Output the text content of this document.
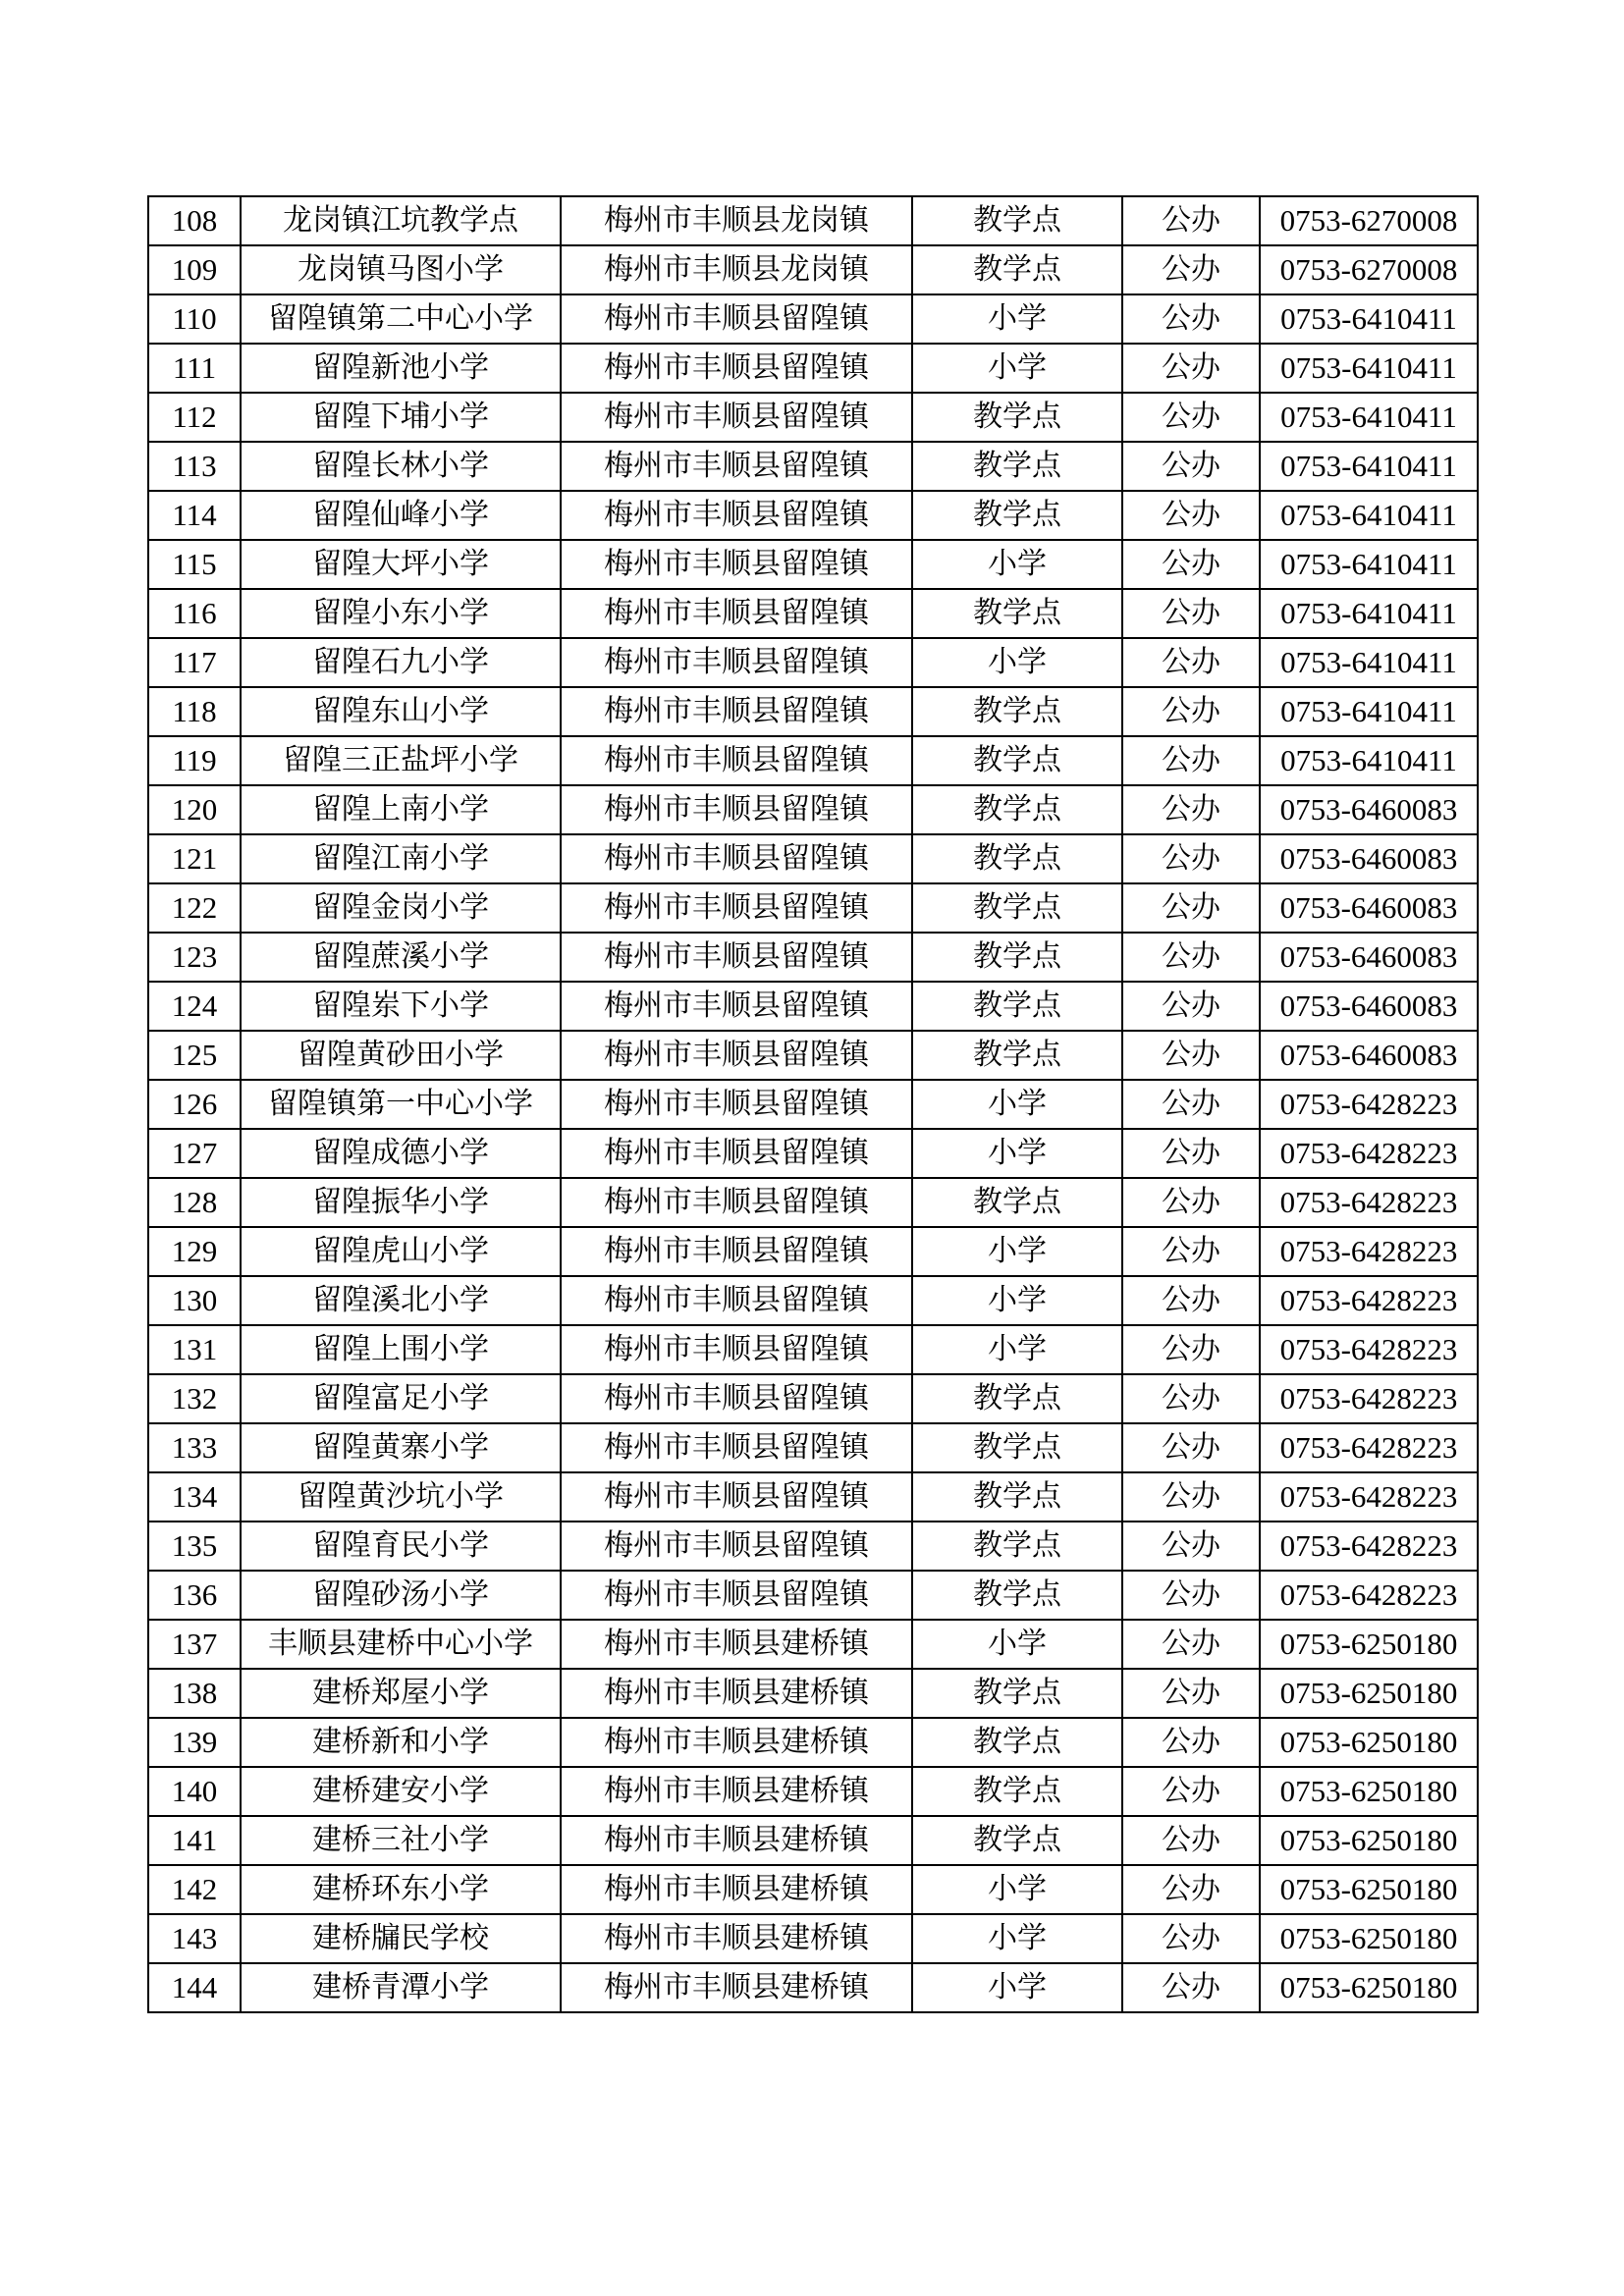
108	龙岗镇江坑教学点	梅州市丰顺县龙岗镇	教学点	公办	0753-6270008
109	龙岗镇马图小学	梅州市丰顺县龙岗镇	教学点	公办	0753-6270008
110	留隍镇第二中心小学	梅州市丰顺县留隍镇	小学	公办	0753-6410411
111	留隍新池小学	梅州市丰顺县留隍镇	小学	公办	0753-6410411
112	留隍下埔小学	梅州市丰顺县留隍镇	教学点	公办	0753-6410411
113	留隍长林小学	梅州市丰顺县留隍镇	教学点	公办	0753-6410411
114	留隍仙峰小学	梅州市丰顺县留隍镇	教学点	公办	0753-6410411
115	留隍大坪小学	梅州市丰顺县留隍镇	小学	公办	0753-6410411
116	留隍小东小学	梅州市丰顺县留隍镇	教学点	公办	0753-6410411
117	留隍石九小学	梅州市丰顺县留隍镇	小学	公办	0753-6410411
118	留隍东山小学	梅州市丰顺县留隍镇	教学点	公办	0753-6410411
119	留隍三正盐坪小学	梅州市丰顺县留隍镇	教学点	公办	0753-6410411
120	留隍上南小学	梅州市丰顺县留隍镇	教学点	公办	0753-6460083
121	留隍江南小学	梅州市丰顺县留隍镇	教学点	公办	0753-6460083
122	留隍金岗小学	梅州市丰顺县留隍镇	教学点	公办	0753-6460083
123	留隍蔗溪小学	梅州市丰顺县留隍镇	教学点	公办	0753-6460083
124	留隍岽下小学	梅州市丰顺县留隍镇	教学点	公办	0753-6460083
125	留隍黄砂田小学	梅州市丰顺县留隍镇	教学点	公办	0753-6460083
126	留隍镇第一中心小学	梅州市丰顺县留隍镇	小学	公办	0753-6428223
127	留隍成德小学	梅州市丰顺县留隍镇	小学	公办	0753-6428223
128	留隍振华小学	梅州市丰顺县留隍镇	教学点	公办	0753-6428223
129	留隍虎山小学	梅州市丰顺县留隍镇	小学	公办	0753-6428223
130	留隍溪北小学	梅州市丰顺县留隍镇	小学	公办	0753-6428223
131	留隍上围小学	梅州市丰顺县留隍镇	小学	公办	0753-6428223
132	留隍富足小学	梅州市丰顺县留隍镇	教学点	公办	0753-6428223
133	留隍黄寨小学	梅州市丰顺县留隍镇	教学点	公办	0753-6428223
134	留隍黄沙坑小学	梅州市丰顺县留隍镇	教学点	公办	0753-6428223
135	留隍育民小学	梅州市丰顺县留隍镇	教学点	公办	0753-6428223
136	留隍砂汤小学	梅州市丰顺县留隍镇	教学点	公办	0753-6428223
137	丰顺县建桥中心小学	梅州市丰顺县建桥镇	小学	公办	0753-6250180
138	建桥郑屋小学	梅州市丰顺县建桥镇	教学点	公办	0753-6250180
139	建桥新和小学	梅州市丰顺县建桥镇	教学点	公办	0753-6250180
140	建桥建安小学	梅州市丰顺县建桥镇	教学点	公办	0753-6250180
141	建桥三社小学	梅州市丰顺县建桥镇	教学点	公办	0753-6250180
142	建桥环东小学	梅州市丰顺县建桥镇	小学	公办	0753-6250180
143	建桥牖民学校	梅州市丰顺县建桥镇	小学	公办	0753-6250180
144	建桥青潭小学	梅州市丰顺县建桥镇	小学	公办	0753-6250180
